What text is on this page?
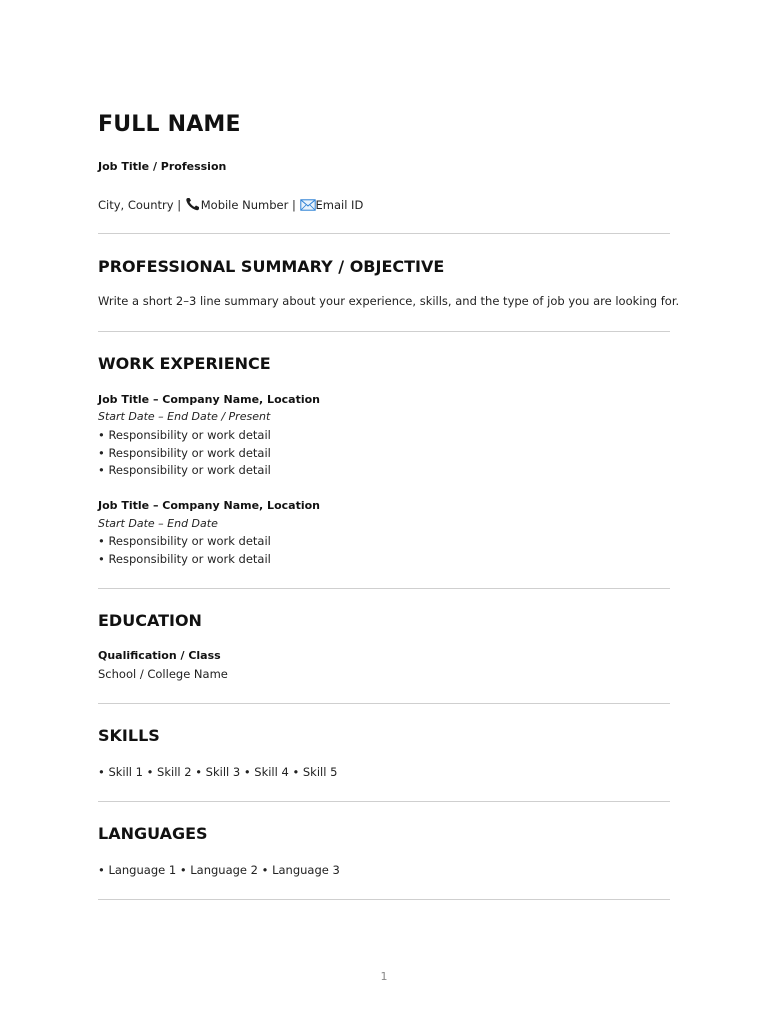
FULL NAME
Job Title / Profession
City, Country | Mobile Number | Email ID
PROFESSIONAL SUMMARY / OBJECTIVE
Write a short 2–3 line summary about your experience, skills, and the type of job you are looking for.
WORK EXPERIENCE
Job Title – Company Name, Location
Start Date – End Date / Present
• Responsibility or work detail
• Responsibility or work detail
• Responsibility or work detail
Job Title – Company Name, Location
Start Date – End Date
• Responsibility or work detail
• Responsibility or work detail
EDUCATION
Qualification / Class
School / College Name
SKILLS
• Skill 1 • Skill 2 • Skill 3 • Skill 4 • Skill 5
LANGUAGES
• Language 1 • Language 2 • Language 3
1
